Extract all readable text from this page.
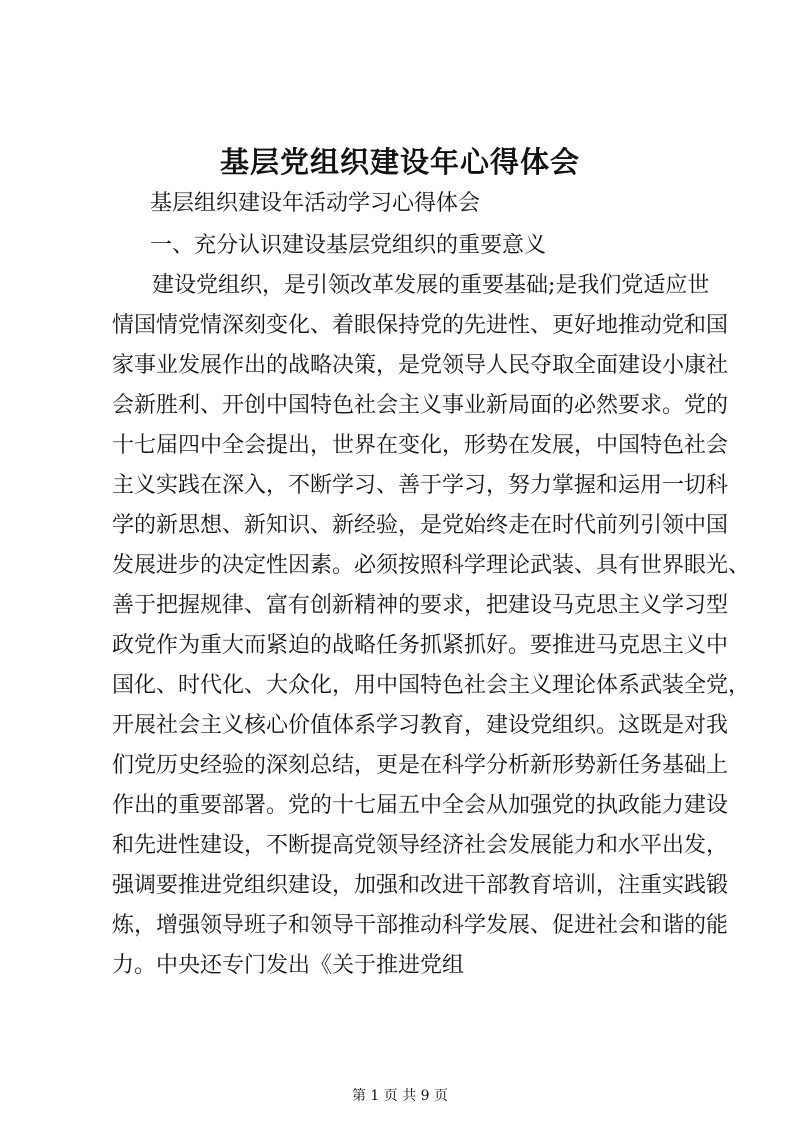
基层党组织建设年心得体会

基层组织建设年活动学习心得体会

一、充分认识建设基层党组织的重要意义

建设党组织，是引领改革发展的重要基础;是我们党适应世
情国情党情深刻变化、着眼保持党的先进性、更好地推动党和国
家事业发展作出的战略决策，是党领导人民夺取全面建设小康社
会新胜利、开创中国特色社会主义事业新局面的必然要求。党的
十七届四中全会提出，世界在变化，形势在发展，中国特色社会
主义实践在深入，不断学习、善于学习，努力掌握和运用一切科
学的新思想、新知识、新经验，是党始终走在时代前列引领中国
发展进步的决定性因素。必须按照科学理论武装、具有世界眼光、
善于把握规律、富有创新精神的要求，把建设马克思主义学习型
政党作为重大而紧迫的战略任务抓紧抓好。要推进马克思主义中
国化、时代化、大众化，用中国特色社会主义理论体系武装全党，
开展社会主义核心价值体系学习教育，建设党组织。这既是对我
们党历史经验的深刻总结，更是在科学分析新形势新任务基础上
作出的重要部署。党的十七届五中全会从加强党的执政能力建设
和先进性建设，不断提高党领导经济社会发展能力和水平出发，
强调要推进党组织建设，加强和改进干部教育培训，注重实践锻
炼，增强领导班子和领导干部推动科学发展、促进社会和谐的能
力。中央还专门发出《关于推进党组

第 1 页 共 9 页
